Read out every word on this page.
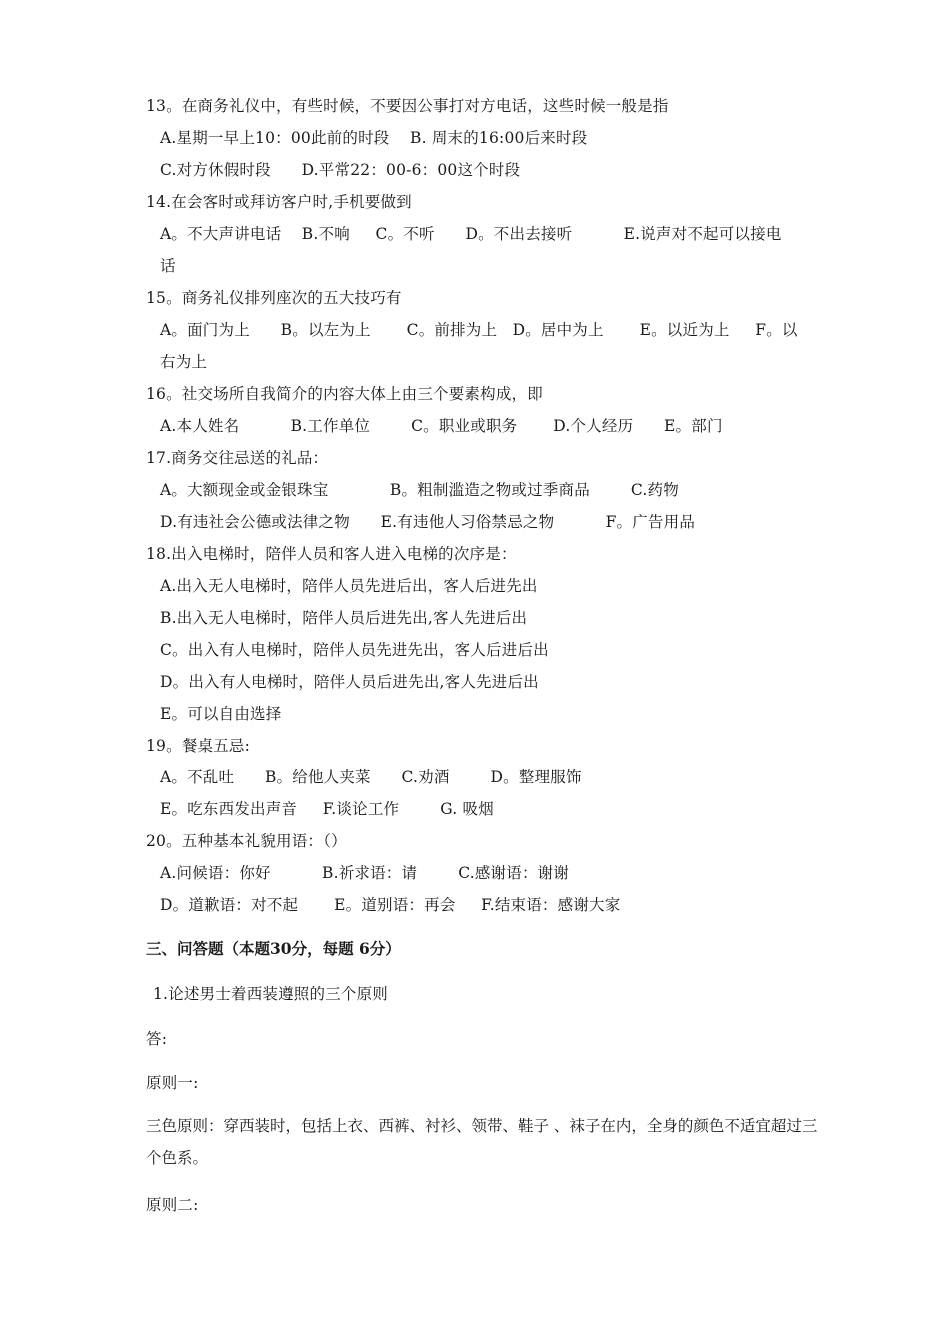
13。在商务礼仪中，有些时候，不要因公事打对方电话，这些时候一般是指
A.星期一早上10：00此前的时段    B. 周末的16:00后来时段
C.对方休假时段      D.平常22：00-6：00这个时段
14.在会客时或拜访客户时,手机要做到
A。不大声讲电话    B.不响     C。不听      D。不出去接听          E.说声对不起可以接电
话
15。商务礼仪排列座次的五大技巧有
A。面门为上      B。以左为上       C。前排为上   D。居中为上       E。以近为上     F。以
右为上
16。社交场所自我简介的内容大体上由三个要素构成，即
A.本人姓名          B.工作单位        C。职业或职务       D.个人经历      E。部门
17.商务交往忌送的礼品：
A。大额现金或金银珠宝            B。粗制滥造之物或过季商品        C.药物
D.有违社会公德或法律之物      E.有违他人习俗禁忌之物          F。广告用品
18.出入电梯时，陪伴人员和客人进入电梯的次序是：
A.出入无人电梯时，陪伴人员先进后出，客人后进先出
B.出入无人电梯时，陪伴人员后进先出,客人先进后出
C。出入有人电梯时，陪伴人员先进先出，客人后进后出
D。出入有人电梯时，陪伴人员后进先出,客人先进后出
E。可以自由选择
19。餐桌五忌:
A。不乱吐      B。给他人夹菜      C.劝酒        D。整理服饰
E。吃东西发出声音     F.谈论工作        G. 吸烟
20。五种基本礼貌用语：（）
A.问候语：你好          B.祈求语：请        C.感谢语：谢谢
D。道歉语：对不起       E。道别语：再会     F.结束语：感谢大家
三、问答题（本题30分，每题 6分）
1.论述男士着西装遵照的三个原则
答:
原则一:
三色原则：穿西装时，包括上衣、西裤、衬衫、领带、鞋子 、袜子在内，全身的颜色不适宜超过三个色系。
原则二:
